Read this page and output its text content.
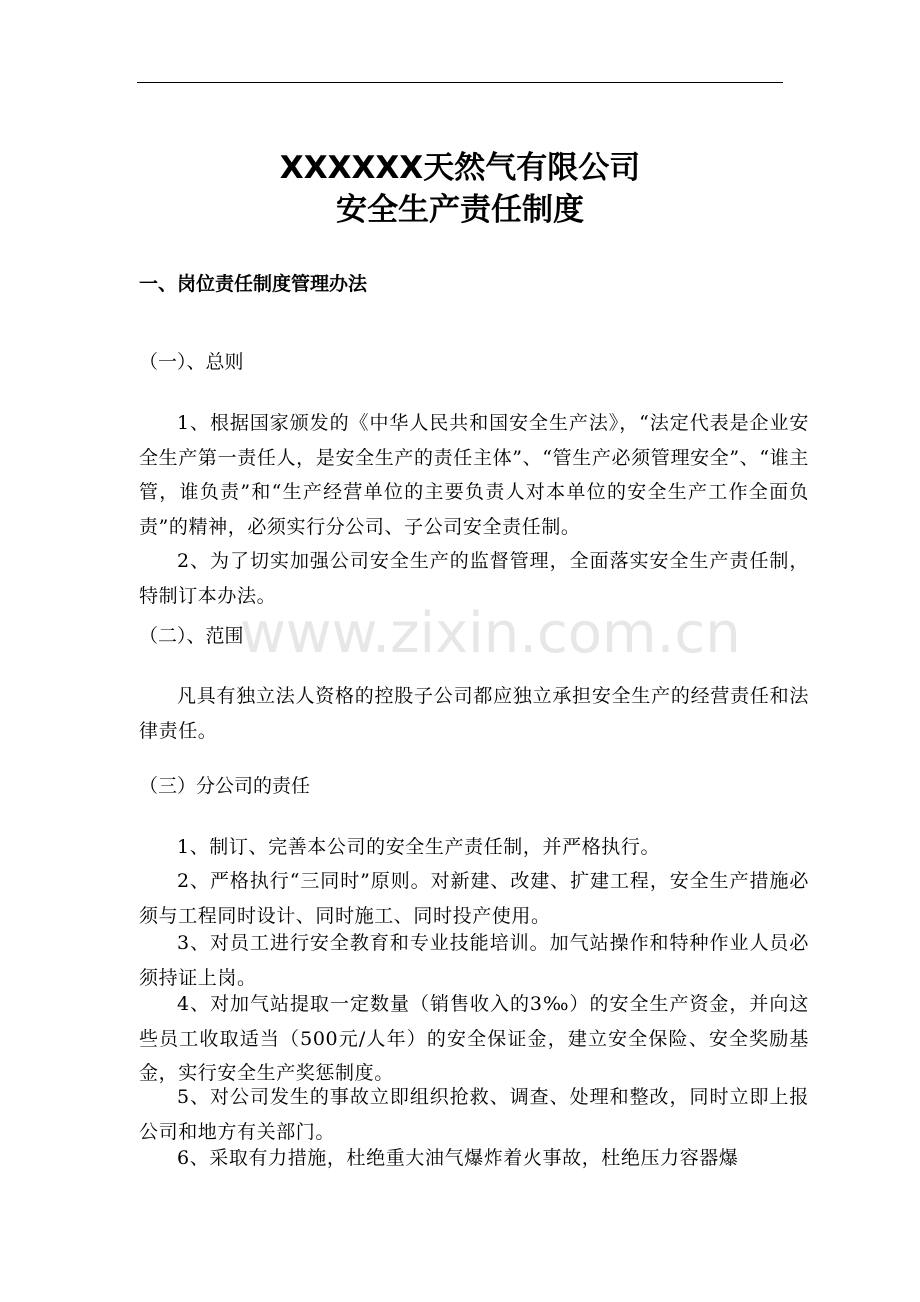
XXXXXX天然气有限公司
安全生产责任制度
一、岗位责任制度管理办法
（一）、总则

1、根据国家颁发的《中华人民共和国安全生产法》，“法定代表是企业安全生产第一责任人，是安全生产的责任主体”、“管生产必须管理安全”、“谁主管，谁负责”和“生产经营单位的主要负责人对本单位的安全生产工作全面负责”的精神，必须实行分公司、子公司安全责任制。

2、为了切实加强公司安全生产的监督管理，全面落实安全生产责任制，特制订本办法。

（二）、范围

凡具有独立法人资格的控股子公司都应独立承担安全生产的经营责任和法律责任。

（三）分公司的责任

1、制订、完善本公司的安全生产责任制，并严格执行。

2、严格执行“三同时”原则。对新建、改建、扩建工程，安全生产措施必须与工程同时设计、同时施工、同时投产使用。

3、对员工进行安全教育和专业技能培训。加气站操作和特种作业人员必须持证上岗。

4、对加气站提取一定数量（销售收入的3‰）的安全生产资金，并向这些员工收取适当（500元/人年）的安全保证金，建立安全保险、安全奖励基金，实行安全生产奖惩制度。

5、对公司发生的事故立即组织抢救、调查、处理和整改，同时立即上报公司和地方有关部门。

6、采取有力措施，杜绝重大油气爆炸着火事故，杜绝压力容器爆

www.zixin.com.cn
